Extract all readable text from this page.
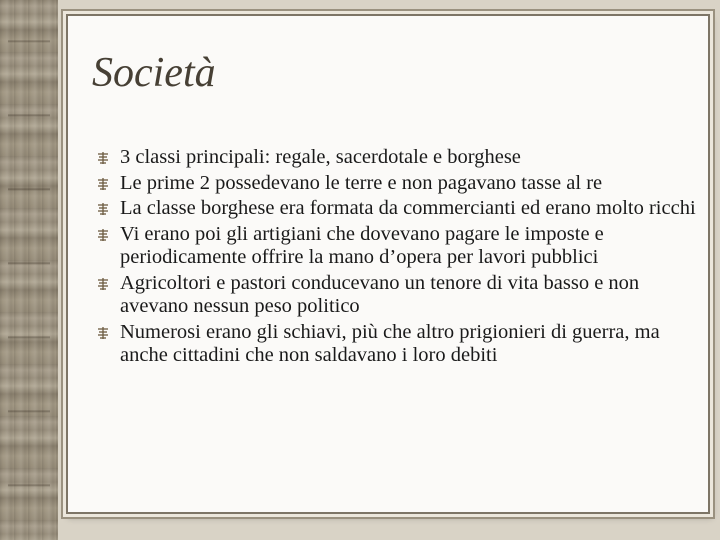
Società
3 classi principali: regale, sacerdotale e borghese
Le prime 2 possedevano le terre e non pagavano tasse al re
La classe borghese era formata da commercianti ed erano molto ricchi
Vi erano poi gli artigiani che dovevano pagare le imposte e periodicamente offrire la mano d’opera per lavori pubblici
Agricoltori e pastori conducevano un tenore di vita basso e non avevano nessun peso politico
Numerosi erano gli schiavi, più che altro prigionieri di guerra, ma anche cittadini che non saldavano i loro debiti
